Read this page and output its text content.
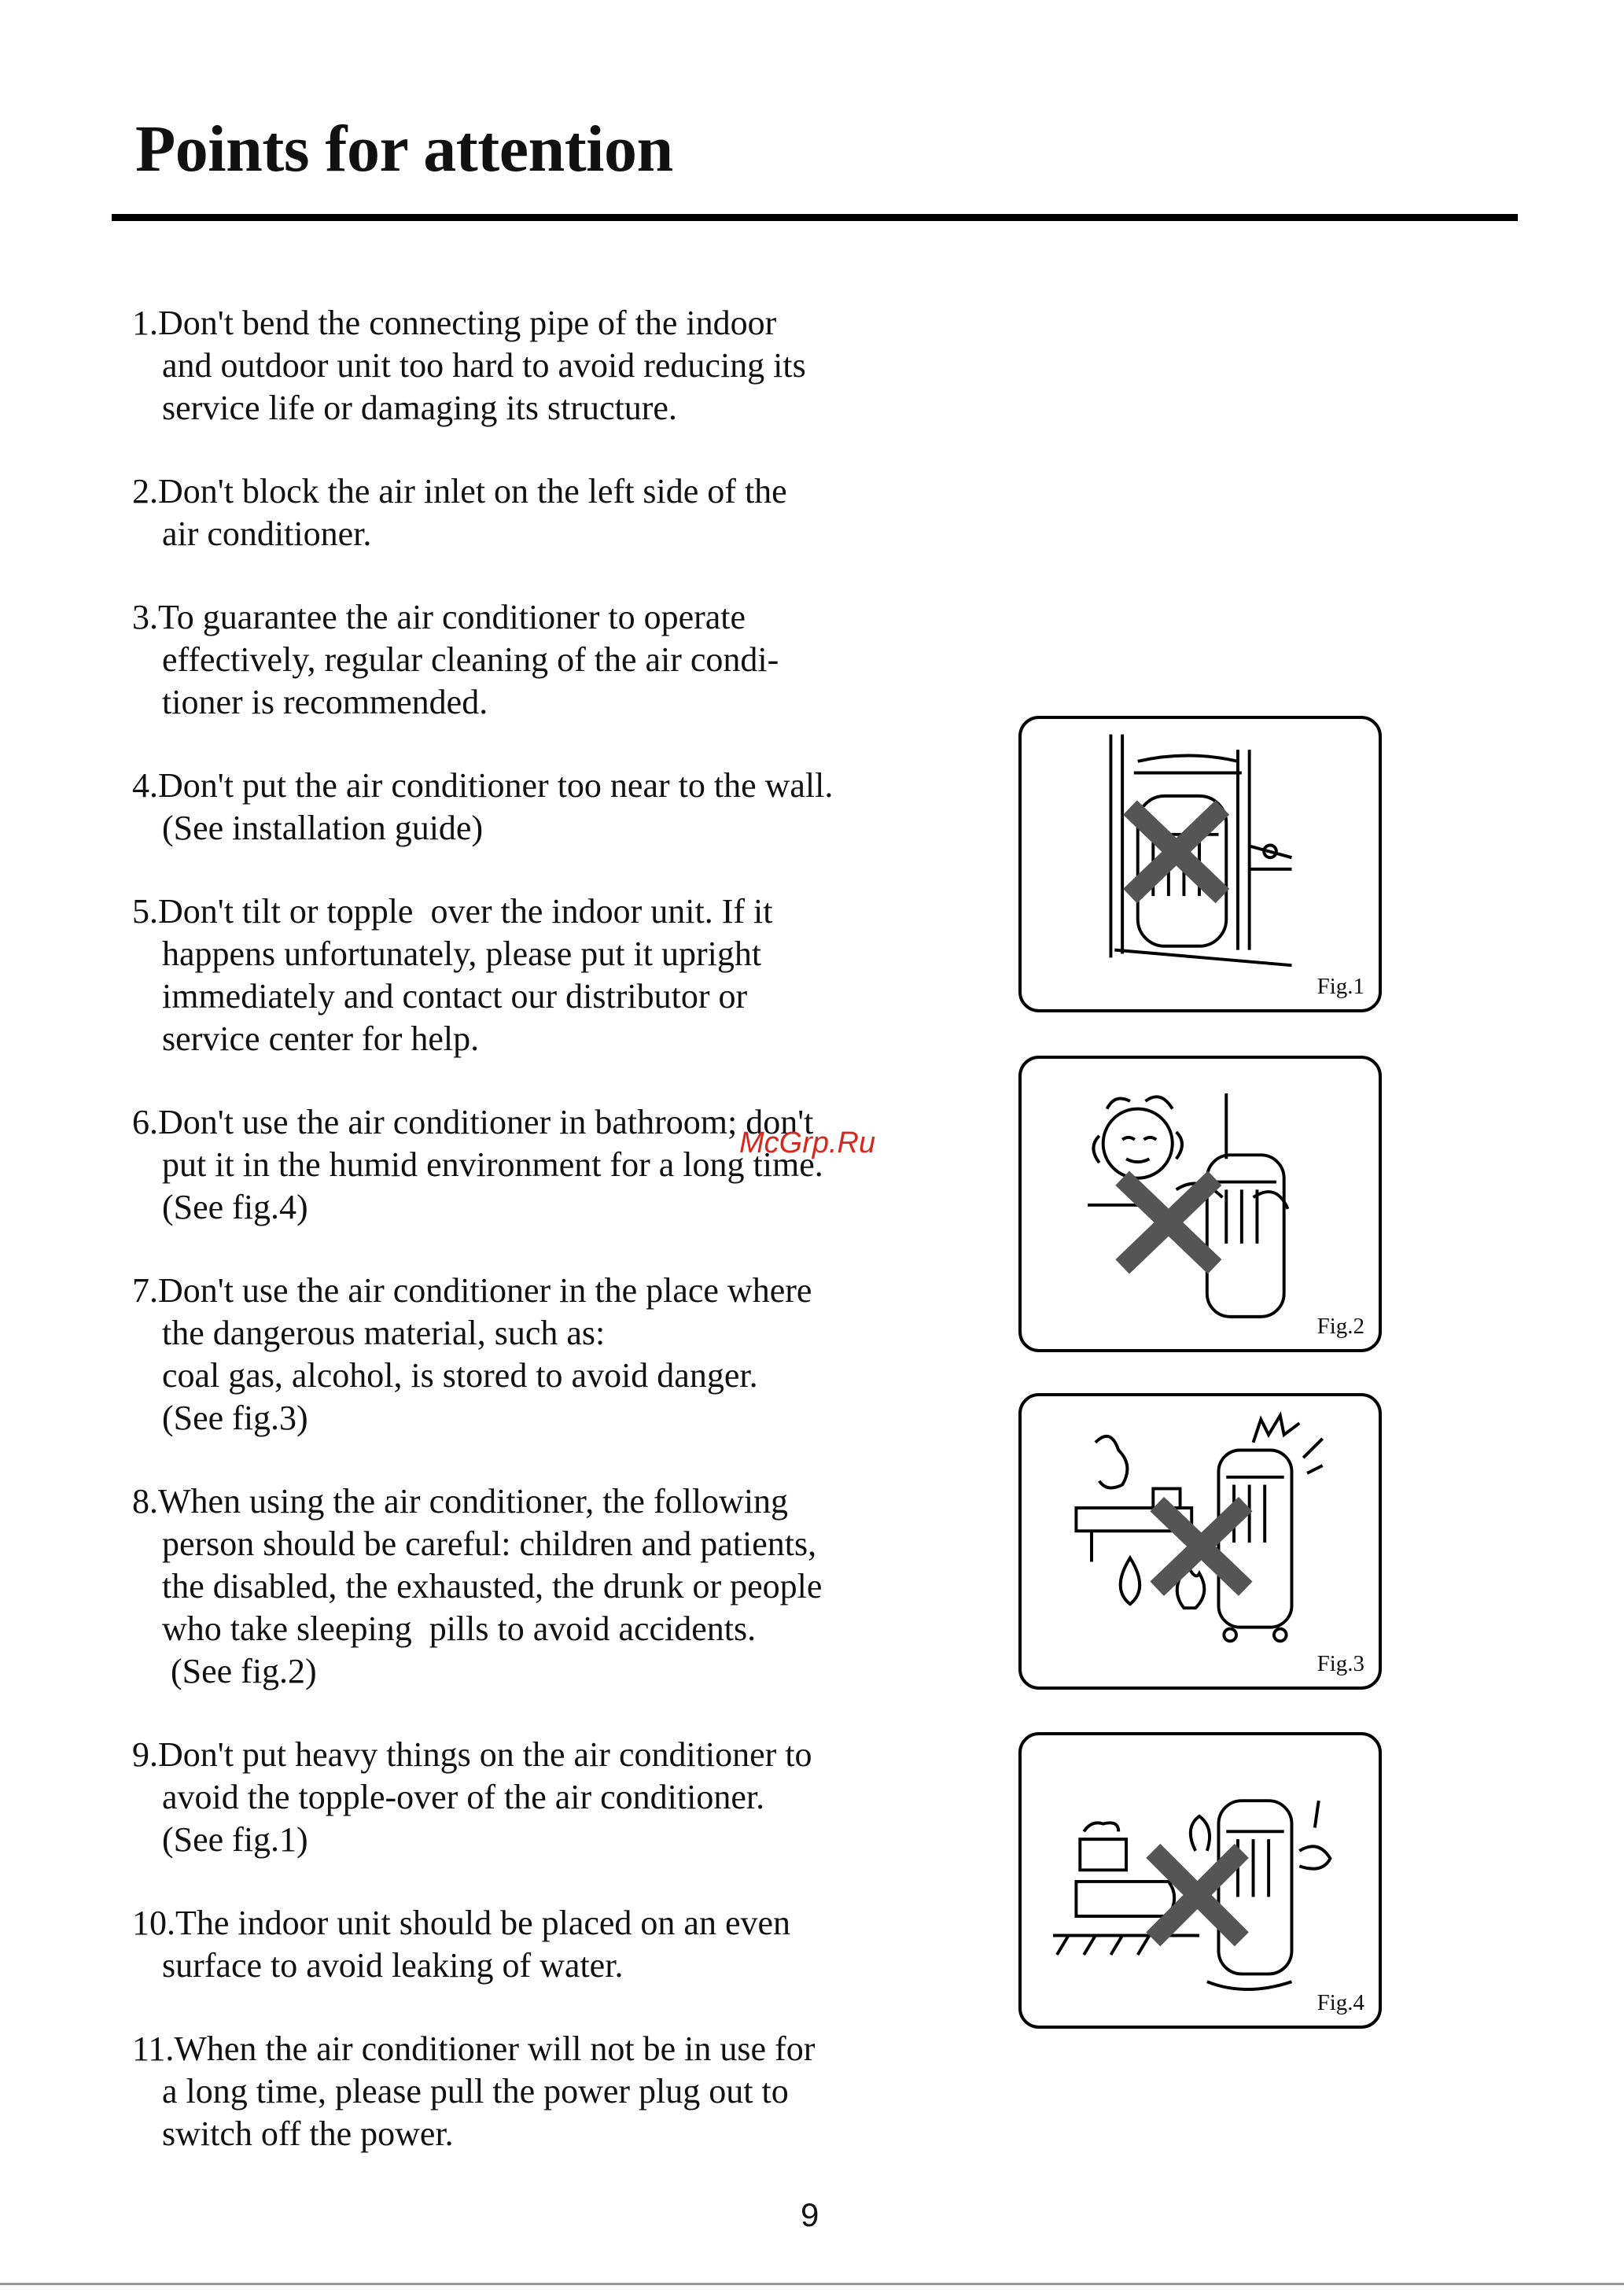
Points for attention
1.Don't bend the connecting pipe of the indoor
and outdoor unit too hard to avoid reducing its
service life or damaging its structure.
2.Don't block the air inlet on the left side of the
air conditioner.
3.To guarantee the air conditioner to operate
effectively, regular cleaning of the air condi-
tioner is recommended.
4.Don't put the air conditioner too near to the wall.
(See installation guide)
5.Don't tilt or topple  over the indoor unit. If it
happens unfortunately, please put it upright
immediately and contact our distributor or
service center for help.
6.Don't use the air conditioner in bathroom; don't
put it in the humid environment for a long time.
(See fig.4)
7.Don't use the air conditioner in the place where
the dangerous material, such as:
coal gas, alcohol, is stored to avoid danger.
(See fig.3)
8.When using the air conditioner, the following
person should be careful: children and patients,
the disabled, the exhausted, the drunk or people
who take sleeping  pills to avoid accidents.
(See fig.2)
9.Don't put heavy things on the air conditioner to
avoid the topple-over of the air conditioner.
(See fig.1)
10.The indoor unit should be placed on an even
surface to avoid leaking of water.
11.When the air conditioner will not be in use for
a long time, please pull the power plug out to
switch off the power.
Fig.1
Fig.2
Fig.3
Fig.4
McGrp.Ru
9
